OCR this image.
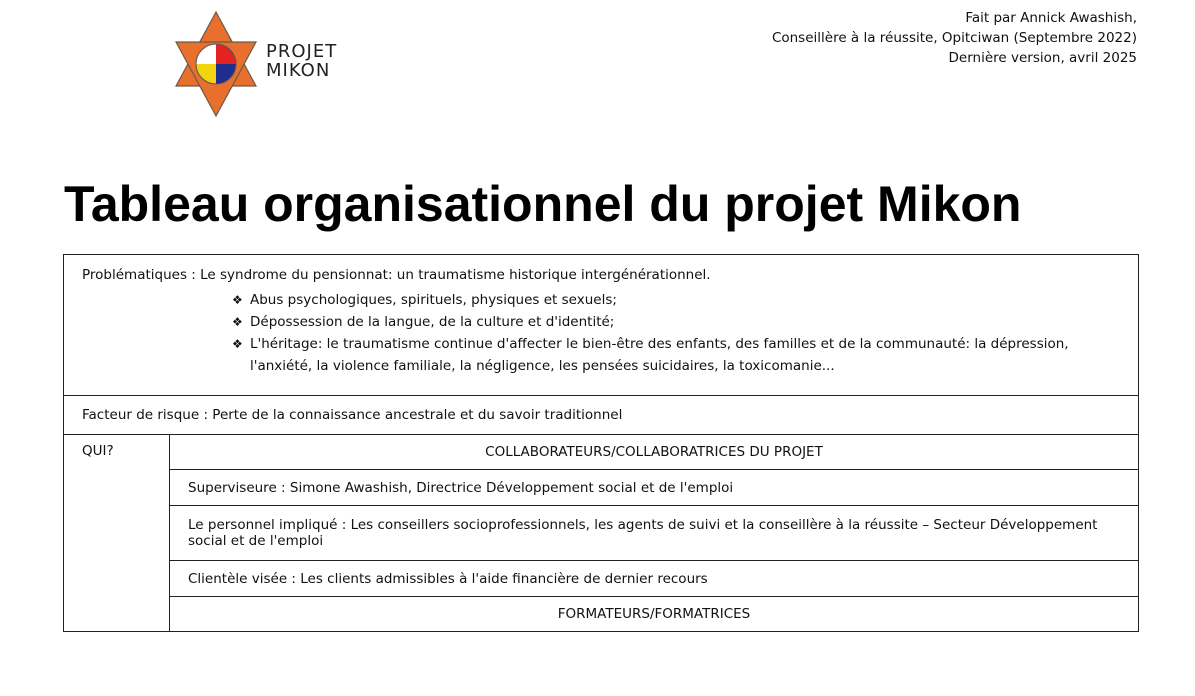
PROJET
MIKON
Fait par Annick Awashish,
Conseillère à la réussite, Opitciwan (Septembre 2022)
Dernière version, avril 2025
Tableau organisationnel du projet Mikon
Problématiques : Le syndrome du pensionnat: un traumatisme historique intergénérationnel.
❖ Abus psychologiques, spirituels, physiques et sexuels;
❖ Dépossession de la langue, de la culture et d'identité;
❖ L'héritage: le traumatisme continue d'affecter le bien-être des enfants, des familles et de la communauté: la dépression, l'anxiété, la violence familiale, la négligence, les pensées suicidaires, la toxicomanie...

Facteur de risque : Perte de la connaissance ancestrale et du savoir traditionnel
QUI?	COLLABORATEURS/COLLABORATRICES DU PROJET
Superviseure : Simone Awashish, Directrice Développement social et de l'emploi
Le personnel impliqué : Les conseillers socioprofessionnels, les agents de suivi et la conseillère à la réussite – Secteur Développement social et de l'emploi
Clientèle visée : Les clients admissibles à l'aide financière de dernier recours
FORMATEURS/FORMATRICES
